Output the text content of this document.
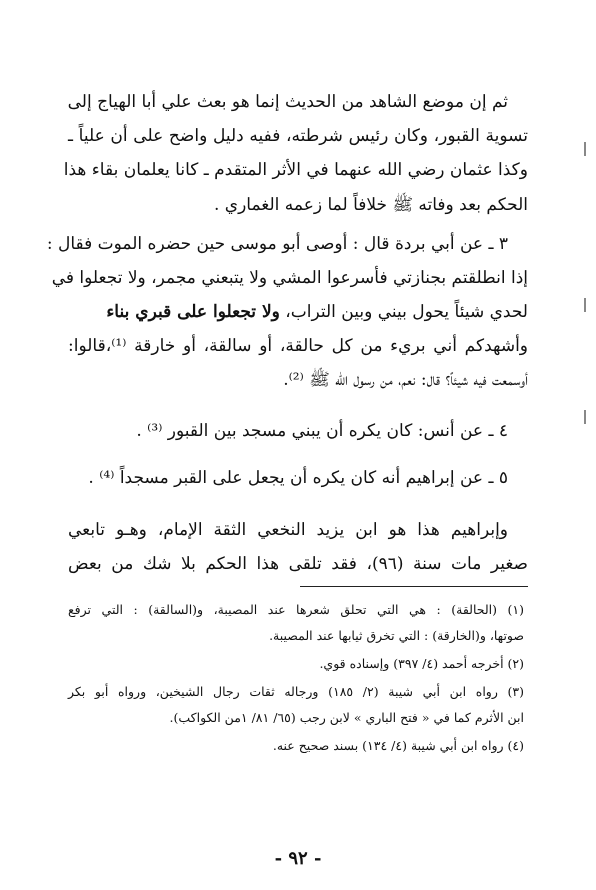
ثم إن موضع الشاهد من الحديث إنما هو بعث علي أبا الهياج إلى
تسوية القبور، وكان رئيس شرطته، ففيه دليل واضح على أن علياً ـ
وكذا عثمان رضي الله عنهما في الأثر المتقدم ـ كانا يعلمان بقاء هذا
الحكم بعد وفاته ﷺ خلافاً لما زعمه الغماري .
٣ ـ عن أبي بردة قال : أوصى أبو موسى حين حضره الموت فقال :
إذا انطلقتم بجنازتي فأسرعوا المشي ولا يتبعني مجمر، ولا تجعلوا في
لحدي شيئاً يحول بيني وبين التراب، ولا تجعلوا على قبري بناء
وأشهدكم أني بريء من كل حالقة، أو سالقة، أو خارقة ⁽¹⁾،قالوا:
أوسمعت فيه شيئاً؟ قال: نعم، من رسول الله ﷺ ⁽²⁾.
٤ ـ عن أنس: كان يكره أن يبني مسجد بين القبور ⁽³⁾ .
٥ ـ عن إبراهيم أنه كان يكره أن يجعل على القبر مسجداً ⁽⁴⁾ .
وإبراهيم هذا هو ابن يزيد النخعي الثقة الإمام، وهـو تابعي
صغير مات سنة (٩٦)، فقد تلقى هذا الحكم بلا شك من بعض
(١) (الحالقة) : هي التي تحلق شعرها عند المصيبة، و(السالقة) : التي ترفع
صوتها، و(الخارقة) : التي تخرق ثيابها عند المصيبة.
(٢) أخرجه أحمد (٤/ ٣٩٧) وإسناده قوي.
(٣) رواه ابن أبي شيبة (٢/ ١٨٥) ورجاله ثقات رجال الشيخين، ورواه أبو بكر
ابن الأثرم كما في « فتح الباري » لابن رجب (٦٥/ ٨١/ ١من الكواكب).
(٤) رواه ابن أبي شيبة (٤/ ١٣٤) بسند صحيح عنه.
- ٩٢ -
